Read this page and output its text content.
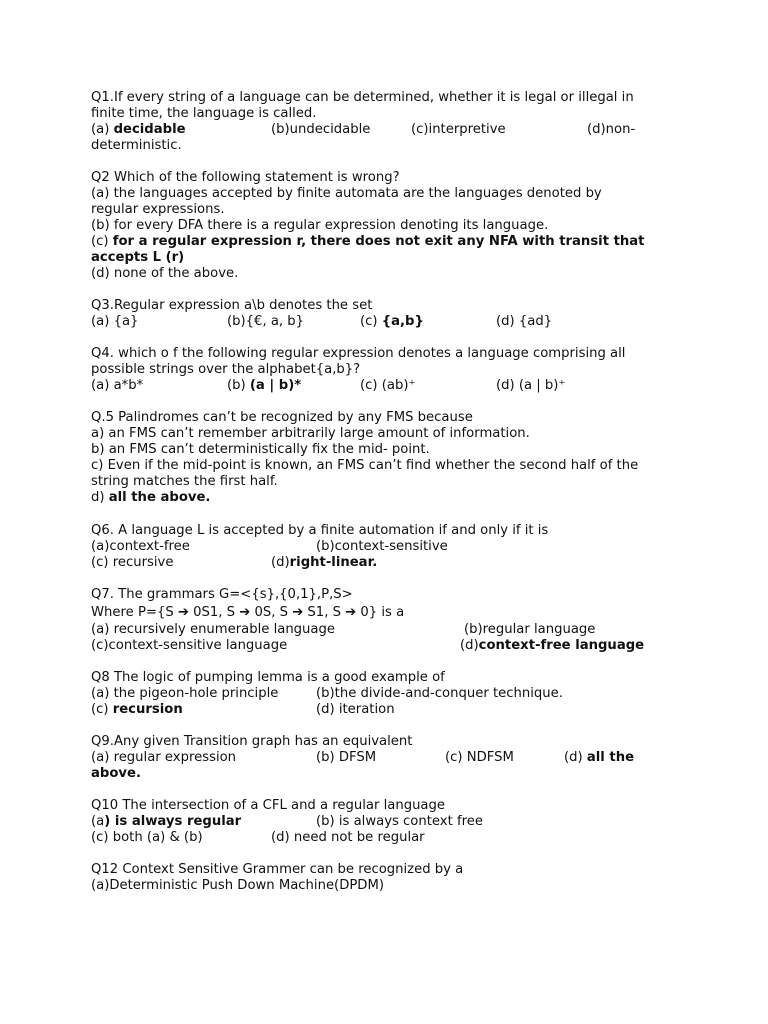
Q1.If every string of a language can be determined, whether it is legal or illegal in
finite time, the language is called.
(a) decidable	(b)undecidable	(c)interpretive	(d)non-
deterministic.
Q2 Which of the following statement is wrong?
(a) the languages accepted by finite automata are the languages denoted by
regular expressions.
(b) for every DFA there is a regular expression denoting its language.
(c) for a regular expression r, there does not exit any NFA with transit that
accepts L (r)
(d) none of the above.
Q3.Regular expression a\b denotes the set
(a) {a}	(b){€, a, b}	(c) {a,b}	(d) {ad}
Q4. which o f the following regular expression denotes a language comprising all
possible strings over the alphabet{a,b}?
(a) a*b*	(b) (a | b)*	(c) (ab)⁺	(d) (a | b)⁺
Q.5 Palindromes can’t be recognized by any FMS because
a) an FMS can’t remember arbitrarily large amount of information.
b) an FMS can’t deterministically fix the mid- point.
c) Even if the mid-point is known, an FMS can’t find whether the second half of the
string matches the first half.
d) all the above.
Q6. A language L is accepted by a finite automation if and only if it is
(a)context-free	(b)context-sensitive
(c) recursive	(d)right-linear.
Q7. The grammars G=<{s},{0,1},P,S>
Where P={S ➔ 0S1, S ➔ 0S, S ➔ S1, S ➔ 0} is a
(a) recursively enumerable language	(b)regular language
(c)context-sensitive language	(d)context-free language
Q8 The logic of pumping lemma is a good example of
(a) the pigeon-hole principle	(b)the divide-and-conquer technique.
(c) recursion	(d) iteration
Q9.Any given Transition graph has an equivalent
(a) regular expression	(b) DFSM	(c) NDFSM	(d) all the
above.
Q10 The intersection of a CFL and a regular language
(a) is always regular	(b) is always context free
(c) both (a) & (b)	(d) need not be regular
Q12 Context Sensitive Grammer can be recognized by a
(a)Deterministic Push Down Machine(DPDM)
